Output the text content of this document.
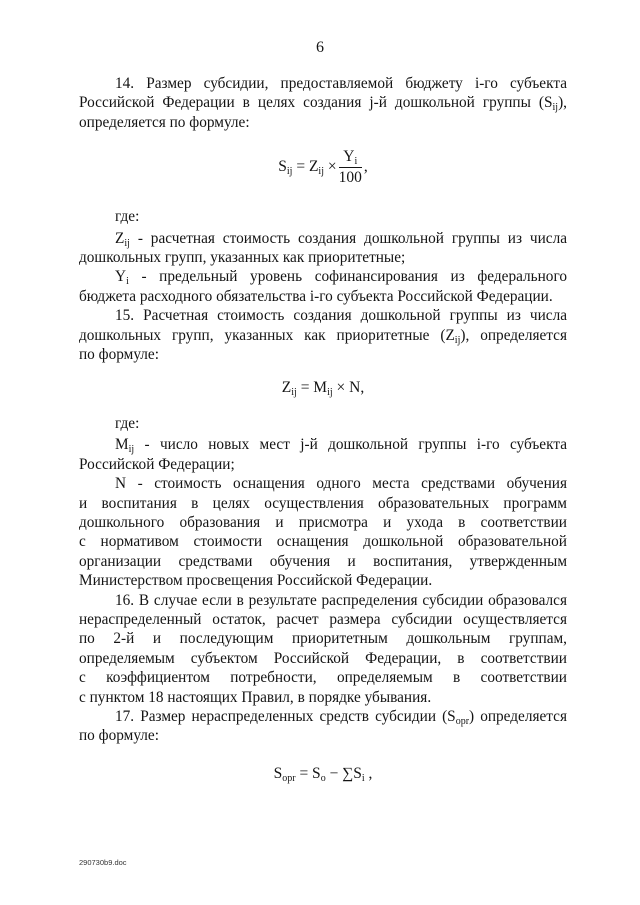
6

14. Размер субсидии, предоставляемой бюджету i-го субъекта

Российской Федерации в целях создания j-й дошкольной группы $(S_{ij})$,

определяется по формуле:

$S_{ij} = Z_{ij} \times \frac{Y_i}{100}$ ,

где:

$Z_{ij}$ - расчетная стоимость создания дошкольной группы из числа

дошкольных групп, указанных как приоритетные;

$Y_i$ - предельный уровень софинансирования из федерального

бюджета расходного обязательства i-го субъекта Российской Федерации.

15. Расчетная стоимость создания дошкольной группы из числа

дошкольных групп, указанных как приоритетные $(Z_{ij})$, определяется

по формуле:

$Z_{ij} = M_{ij} \times N$,

где:

$M_{ij}$ - число новых мест j-й дошкольной группы i-го субъекта

Российской Федерации;

N - стоимость оснащения одного места средствами обучения

и воспитания в целях осуществления образовательных программ

дошкольного образования и присмотра и ухода в соответствии

с нормативом стоимости оснащения дошкольной образовательной

организации средствами обучения и воспитания, утвержденным

Министерством просвещения Российской Федерации.

16. В случае если в результате распределения субсидии образовался

нераспределенный остаток, расчет размера субсидии осуществляется

по 2-й и последующим приоритетным дошкольным группам,

определяемым субъектом Российской Федерации, в соответствии

с коэффициентом потребности, определяемым в соответствии

с пунктом 18 настоящих Правил, в порядке убывания.

17. Размер нераспределенных средств субсидии $(S_{opr})$ определяется

по формуле:

$S_{opr} = S_o - \sum S_i$ ,
290730b9.doc
